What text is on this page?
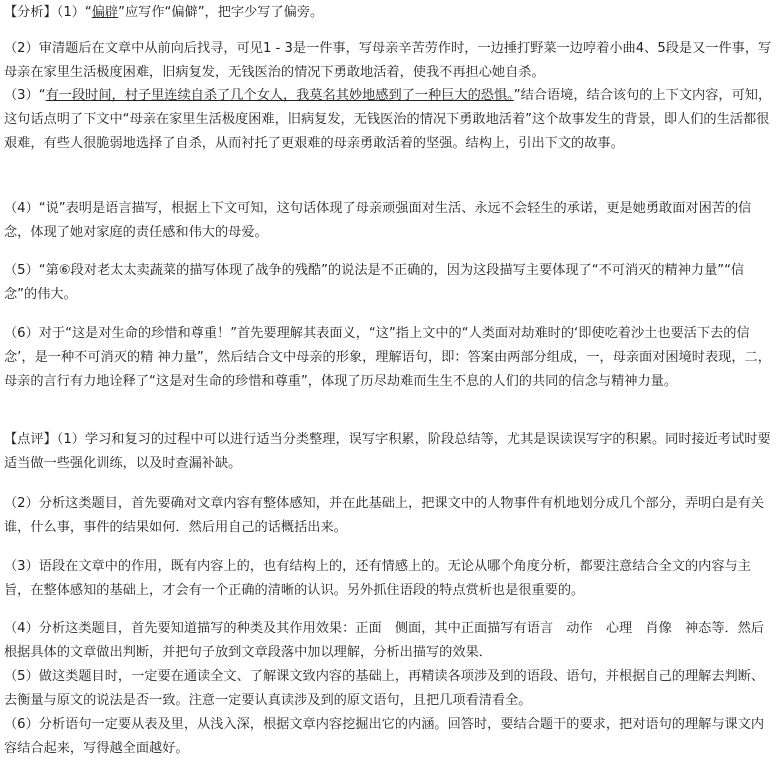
【分析】（1）“偏辟”应写作“偏僻”，把字少写了偏旁。

（2）审清题后在文章中从前向后找寻，可见1 - 3是一件事，写母亲辛苦劳作时，一边捶打野菜一边哼着小曲4、5段是又一件事，写母亲在家里生活极度困难，旧病复发，无钱医治的情况下勇敢地活着，使我不再担心她自杀。

（3）“有一段时间，村子里连续自杀了几个女人，我莫名其妙地感到了一种巨大的恐惧。”结合语境，结合该句的上下文内容，可知，这句话点明了下文中“母亲在家里生活极度困难，旧病复发，无钱医治的情况下勇敢地活着”这个故事发生的背景，即人们的生活都很艰难，有些人很脆弱地选择了自杀，从而衬托了更艰难的母亲勇敢活着的坚强。结构上，引出下文的故事。

（4）“说”表明是语言描写，根据上下文可知，这句话体现了母亲顽强面对生活、永远不会轻生的承诺，更是她勇敢面对困苦的信念，体现了她对家庭的责任感和伟大的母爱。

（5）“第⑥段对老太太卖蔬菜的描写体现了战争的残酷”的说法是不正确的，因为这段描写主要体现了“不可消灭的精神力量”“信念”的伟大。

（6）对于“这是对生命的珍惜和尊重！”首先要理解其表面义，“这”指上文中的“人类面对劫难时的‘即使吃着沙土也要活下去的信念’，是一种不可消灭的精 神力量”，然后结合文中母亲的形象，理解语句，即：答案由两部分组成，一，母亲面对困境时表现，二，母亲的言行有力地诠释了“这是对生命的珍惜和尊重”，体现了历尽劫难而生生不息的人们的共同的信念与精神力量。

【点评】（1）学习和复习的过程中可以进行适当分类整理，误写字积累，阶段总结等，尤其是误读误写字的积累。同时接近考试时要适当做一些强化训练，以及时查漏补缺。

（2）分析这类题目，首先要确对文章内容有整体感知，并在此基础上，把课文中的人物事件有机地划分成几个部分，弄明白是有关谁，什么事，事件的结果如何．然后用自己的话概括出来。

（3）语段在文章中的作用，既有内容上的，也有结构上的，还有情感上的。无论从哪个角度分析，都要注意结合全文的内容与主旨，在整体感知的基础上，才会有一个正确的清晰的认识。另外抓住语段的特点赏析也是很重要的。

（4）分析这类题目，首先要知道描写的种类及其作用效果：正面　侧面，其中正面描写有语言　动作　心理　肖像　神态等．然后根据具体的文章做出判断，并把句子放到文章段落中加以理解，分析出描写的效果．

（5）做这类题目时，一定要在通读全文、了解课文致内容的基础上，再精读各项涉及到的语段、语句，并根据自己的理解去判断、去衡量与原文的说法是否一致。注意一定要认真读涉及到的原文语句，且把几项看清看全。

（6）分析语句一定要从表及里，从浅入深，根据文章内容挖掘出它的内涵。回答时，要结合题干的要求，把对语句的理解与课文内容结合起来，写得越全面越好。
